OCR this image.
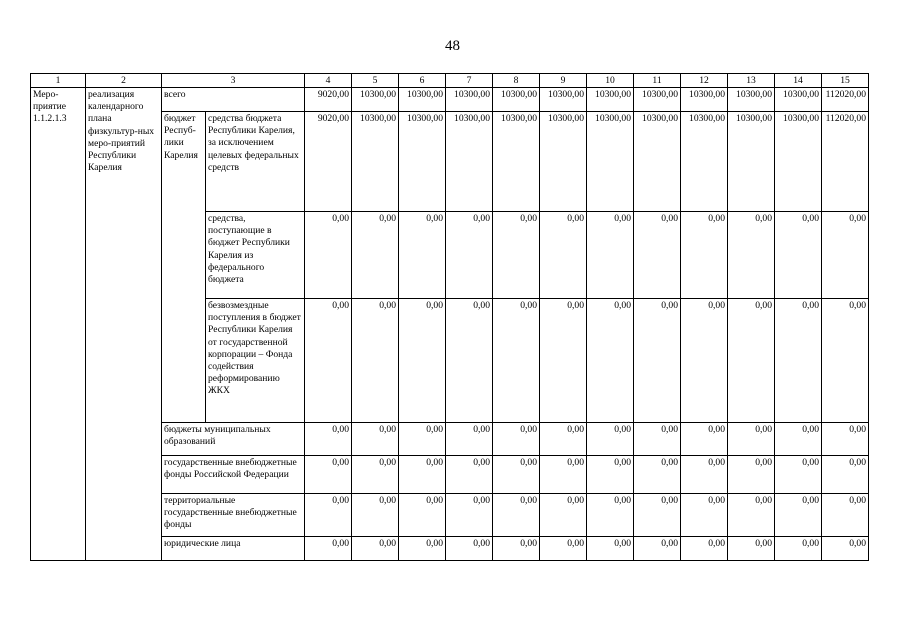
48
1	2	3		4	5	6	7	8	9	10	11	12	13	14	15
Меро-
приятие
1.1.2.1.3	реализация календарного плана физкультур-ных меро-приятий Республики Карелия	всего		9020,00	10300,00	10300,00	10300,00	10300,00	10300,00	10300,00	10300,00	10300,00	10300,00	10300,00	112020,00
		бюджет Респуб-лики Карелия	средства бюджета Республики Карелия, за исключением целевых федеральных средств	9020,00	10300,00	10300,00	10300,00	10300,00	10300,00	10300,00	10300,00	10300,00	10300,00	10300,00	112020,00
			средства, поступающие в бюджет Республики Карелия из федерального бюджета	0,00	0,00	0,00	0,00	0,00	0,00	0,00	0,00	0,00	0,00	0,00	0,00
			безвозмездные поступления в бюджет Республики Карелия от государственной корпорации – Фонда содействия реформированию ЖКХ	0,00	0,00	0,00	0,00	0,00	0,00	0,00	0,00	0,00	0,00	0,00	0,00
		бюджеты муниципальных образований		0,00	0,00	0,00	0,00	0,00	0,00	0,00	0,00	0,00	0,00	0,00	0,00
		государственные внебюджетные фонды Российской Федерации		0,00	0,00	0,00	0,00	0,00	0,00	0,00	0,00	0,00	0,00	0,00	0,00
		территориальные государственные внебюджетные фонды		0,00	0,00	0,00	0,00	0,00	0,00	0,00	0,00	0,00	0,00	0,00	0,00
		юридические лица		0,00	0,00	0,00	0,00	0,00	0,00	0,00	0,00	0,00	0,00	0,00	0,00
